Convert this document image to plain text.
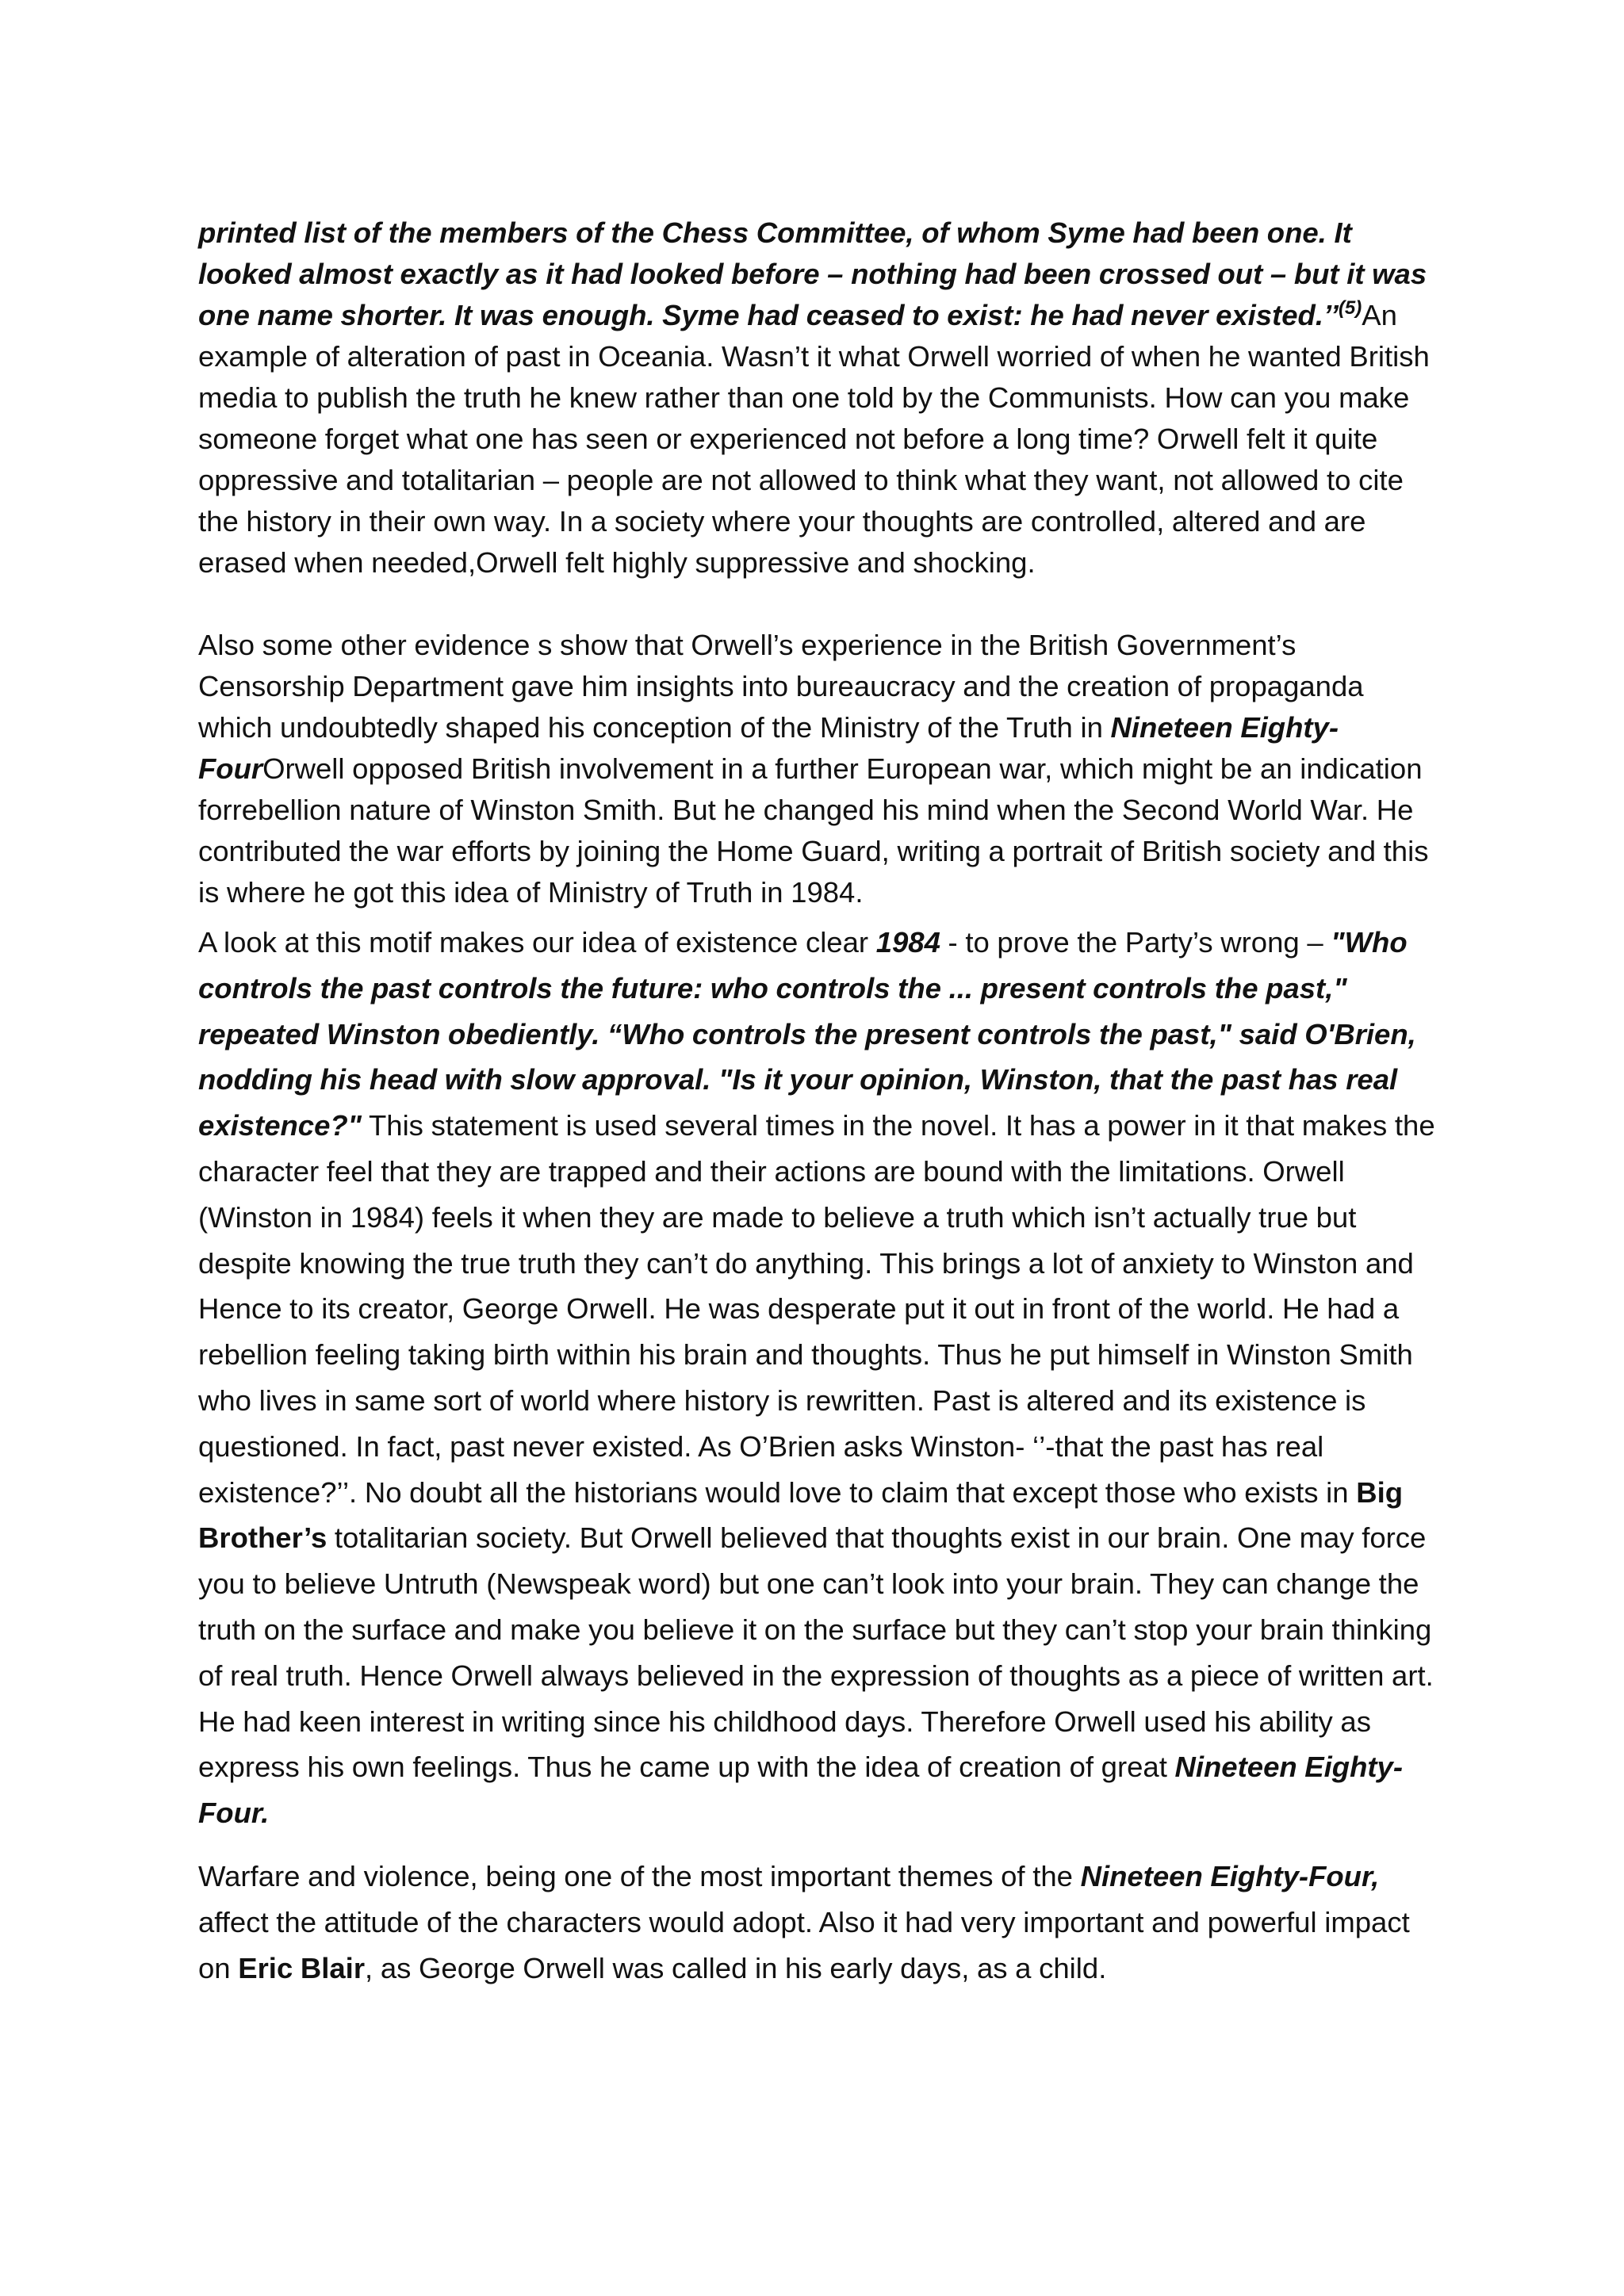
printed list of the members of the Chess Committee, of whom Syme had been one. It looked almost exactly as it had looked before – nothing had been crossed out – but it was one name shorter. It was enough. Syme had ceased to exist: he had never existed.’’$^{(5)}$An example of alteration of past in Oceania. Wasn’t it what Orwell worried of when he wanted British media to publish the truth he knew rather than one told by the Communists. How can you make someone forget what one has seen or experienced not before a long time? Orwell felt it quite oppressive and totalitarian – people are not allowed to think what they want, not allowed to cite the history in their own way. In a society where your thoughts are controlled, altered and are erased when needed,Orwell felt highly suppressive and shocking.

Also some other evidence s show that Orwell’s experience in the British Government’s Censorship Department gave him insights into bureaucracy and the creation of propaganda which undoubtedly shaped his conception of the Ministry of the Truth in Nineteen Eighty-FourOrwell opposed British involvement in a further European war, which might be an indication forrebellion nature of Winston Smith. But he changed his mind when the Second World War. He contributed the war efforts by joining the Home Guard, writing a portrait of British society and this is where he got this idea of Ministry of Truth in 1984.

A look at this motif makes our idea of existence clear 1984 - to prove the Party’s wrong – "Who controls the past controls the future: who controls the ... present controls the past," repeated Winston obediently. “Who controls the present controls the past," said O'Brien, nodding his head with slow approval. "Is it your opinion, Winston, that the past has real existence?" This statement is used several times in the novel. It has a power in it that makes the character feel that they are trapped and their actions are bound with the limitations. Orwell (Winston in 1984) feels it when they are made to believe a truth which isn’t actually true but despite knowing the true truth they can’t do anything. This brings a lot of anxiety to Winston and Hence to its creator, George Orwell. He was desperate put it out in front of the world. He had a rebellion feeling taking birth within his brain and thoughts. Thus he put himself in Winston Smith who lives in same sort of world where history is rewritten. Past is altered and its existence is questioned. In fact, past never existed. As O’Brien asks Winston- ‘’-that the past has real existence?’’. No doubt all the historians would love to claim that except those who exists in Big Brother’s totalitarian society. But Orwell believed that thoughts exist in our brain. One may force you to believe Untruth (Newspeak word) but one can’t look into your brain. They can change the truth on the surface and make you believe it on the surface but they can’t stop your brain thinking of real truth. Hence Orwell always believed in the expression of thoughts as a piece of written art. He had keen interest in writing since his childhood days. Therefore Orwell used his ability as express his own feelings. Thus he came up with the idea of creation of great Nineteen Eighty-Four.

Warfare and violence, being one of the most important themes of the Nineteen Eighty-Four, affect the attitude of the characters would adopt. Also it had very important and powerful impact on Eric Blair, as George Orwell was called in his early days, as a child.
